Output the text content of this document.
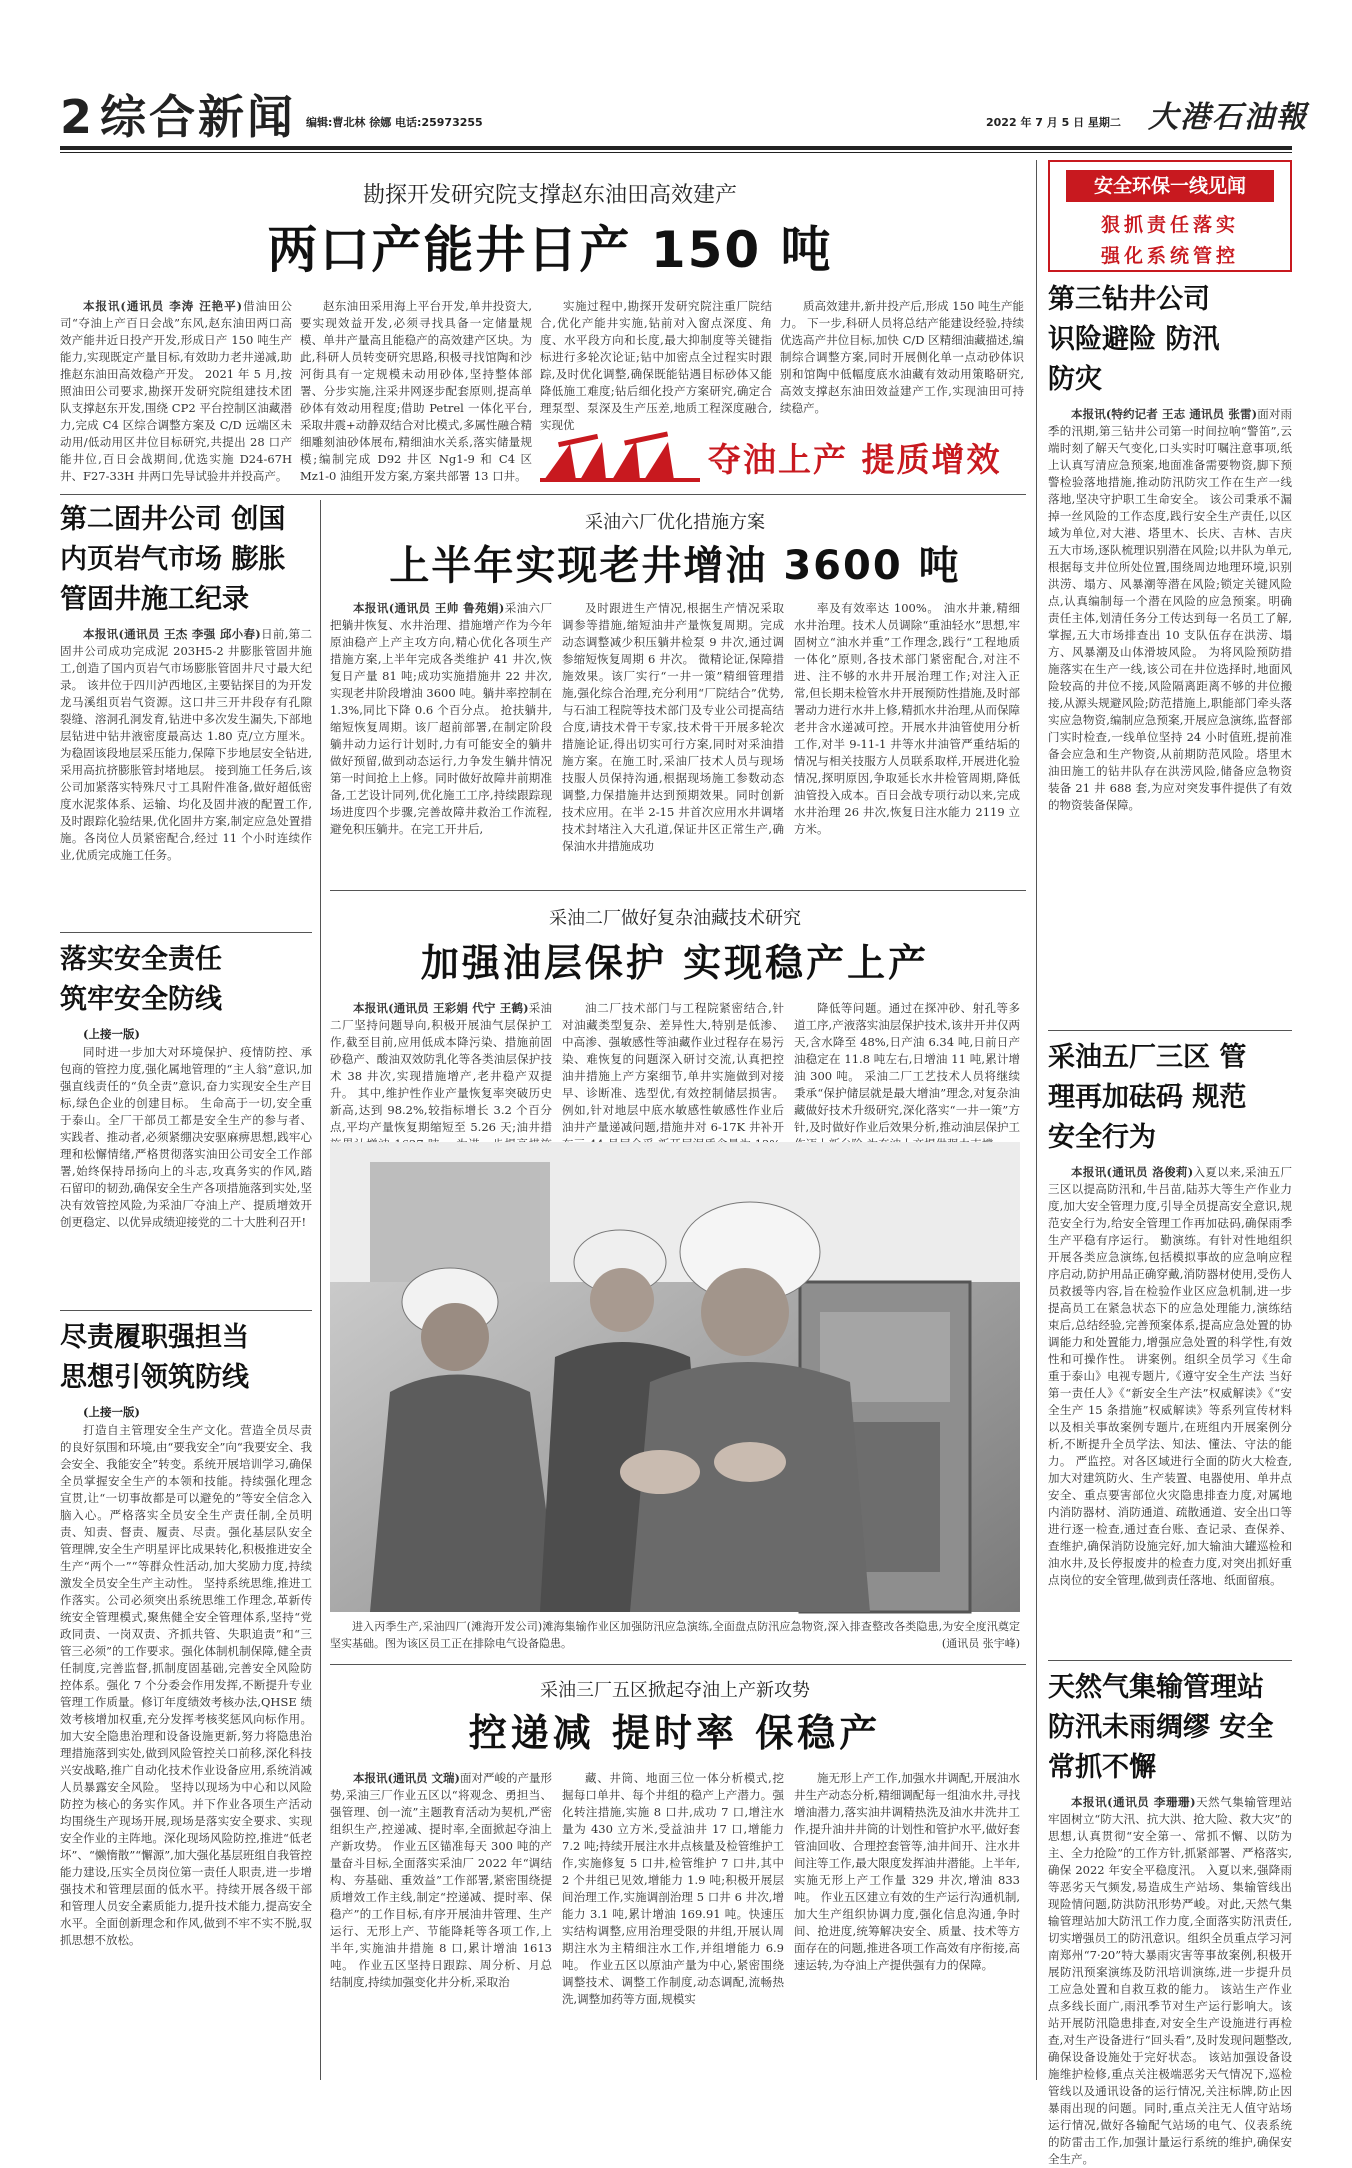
2 综合新闻 编辑:曹北林 徐娜 电话:25973255	2022 年 7 月 5 日 星期二 大港石油報
安全环保一线见闻
狠抓责任落实
强化系统管控
勘探开发研究院支撑赵东油田高效建产
两口产能井日产 150 吨

本报讯(通讯员 李涛 汪艳平)借油田公司“夺油上产百日会战”东风,赵东油田两口高效产能井近日投产开发,形成日产 150 吨生产能力,实现既定产量目标,有效助力老井递减,助推赵东油田高效稳产开发。 2021 年 5 月,按照油田公司要求,勘探开发研究院组建技术团队支撑赵东开发,围绕 CP2 平台控制区油藏潜力,完成 C4 区综合调整方案及 C/D 远端区未动用/低动用区井位目标研究,共提出 28 口产能井位,百日会战期间,优选实施 D24-67H 井、F27-33H 井两口先导试验井并投高产。

赵东油田采用海上平台开发,单井投资大,要实现效益开发,必须寻找具备一定储量规模、单井产量高且能稳产的高效建产区块。为此,科研人员转变研究思路,积极寻找馆陶和沙河街具有一定规模未动用砂体,坚持整体部署、分步实施,注采井网逐步配套原则,提高单砂体有效动用程度;借助 Petrel 一体化平台,采取井震+动静双结合对比模式,多属性融合精细雕刻油砂体展布,精细油水关系,落实储量规模;编制完成 D92 井区 Ng1-9 和 C4 区 Mz1-0 油组开发方案,方案共部署 13 口井。

实施过程中,勘探开发研究院注重厂院结合,优化产能井实施,钻前对入窗点深度、角度、水平段方向和长度,最大抑制度等关键指标进行多轮次论证;钻中加密点全过程实时跟踪,及时优化调整,确保既能钻遇目标砂体又能降低施工难度;钻后细化投产方案研究,确定合理泵型、泵深及生产压差,地质工程深度融合,实现优

质高效建井,新井投产后,形成 150 吨生产能力。 下一步,科研人员将总结产能建设经验,持续优选高产井位目标,加快 C/D 区精细油藏描述,编制综合调整方案,同时开展侧化单一点动砂体识别和馆陶中低幅度底水油藏有效动用策略研究,高效支撑赵东油田效益建产工作,实现油田可持续稳产。

夺油上产 提质增效
第二固井公司 创国内页岩气市场 膨胀管固井施工纪录

本报讯(通讯员 王杰 李强 邱小春)日前,第二固井公司成功完成泥 203H5-2 井膨胀管固井施工,创造了国内页岩气市场膨胀管固井尺寸最大纪录。 该井位于四川泸西地区,主要钻探目的为开发龙马溪组页岩气资源。这口井三开井段存有孔隙裂缝、溶洞孔洞发育,钻进中多次发生漏失,下部地层钻进中钻井液密度最高达 1.80 克/立方厘米。为稳固该段地层采压能力,保障下步地层安全钻进,采用高抗挤膨胀管封堵地层。 接到施工任务后,该公司加紧落实特殊尺寸工具附件准备,做好超低密度水泥浆体系、运输、均化及固井液的配置工作,及时跟踪化验结果,优化固井方案,制定应急处置措施。各岗位人员紧密配合,经过 11 个小时连续作业,优质完成施工任务。

落实安全责任 筑牢安全防线
(上接一版)

同时进一步加大对环境保护、疫情防控、承包商的管控力度,强化属地管理的“主人翁”意识,加强直线责任的“负全责”意识,奋力实现安全生产目标,绿色企业的创建目标。 生命高于一切,安全重于泰山。全厂干部员工都是安全生产的参与者、实践者、推动者,必须紧绷决安驱麻痹思想,践牢心理和松懈情绪,严格贯彻落实油田公司安全工作部署,始终保持昂扬向上的斗志,攻真务实的作风,踏石留印的韧劲,确保安全生产各项措施落到实处,坚决有效管控风险,为采油厂夺油上产、提质增效开创更稳定、以优异成绩迎接党的二十大胜利召开!

尽责履职强担当 思想引领筑防线
(上接一版)

打造自主管理安全生产文化。营造全员尽责的良好氛围和环境,由“要我安全”向“我要安全、我会安全、我能安全”转变。系统开展培训学习,确保全员掌握安全生产的本领和技能。持续强化理念宣贯,让“一切事故都是可以避免的”等安全信念入脑入心。严格落实全员安全生产责任制,全员明责、知责、督责、履责、尽责。强化基层队安全管理牌,安全生产明星评比成果转化,积极推进安全生产“两个一”“等群众性活动,加大奖励力度,持续激发全员安全生产主动性。 坚持系统思维,推进工作落实。公司必须突出系统思维工作理念,革新传统安全管理模式,聚焦健全安全管理体系,坚持“党政同责、一岗双责、齐抓共管、失职追责”和“三管三必须”的工作要求。强化体制机制保障,健全责任制度,完善监督,抓制度固基础,完善安全风险防控体系。强化 7 个分委会作用发挥,不断提升专业管理工作质量。修订年度绩效考核办法,QHSE 绩效考核增加权重,充分发挥考核奖惩风向标作用。加大安全隐患治理和设备设施更新,努力将隐患治理措施落到实处,做到风险管控关口前移,深化科技兴安战略,推广自动化技术作业设备应用,系统消减人员暴露安全风险。 坚持以现场为中心和以风险防控为核心的务实作风。并下作业各项生产活动均围绕生产现场开展,现场是落实安全要求、实现安全作业的主阵地。深化现场风险防控,推进“低老坏”、“懒惰散”“懈源”,加大强化基层班组自我管控能力建设,压实全员岗位第一责任人职责,进一步增强技术和管理层面的低水平。持续开展各级干部和管理人员安全素质能力,提升技术能力,提高安全水平。全面创新理念和作风,做到不牢不实不脱,驭抓思想不放松。

采油六厂优化措施方案
上半年实现老井增油 3600 吨

本报讯(通讯员 王帅 鲁苑娟)采油六厂把躺井恢复、水井治理、措施增产作为今年原油稳产上产主攻方向,精心优化各项生产措施方案,上半年完成各类维护 41 井次,恢复日产量 81 吨;成功实施措施井 22 井次,实现老井阶段增油 3600 吨。躺井率控制在 1.3%,同比下降 0.6 个百分点。 抢扶躺井,缩短恢复周期。该厂超前部署,在制定阶段躺井动力运行计划时,力有可能安全的躺井做好预留,做到动态运行,力争发生躺井情况第一时间抢上上修。同时做好故障井前期准备,工艺设计同列,优化施工工序,持续跟踪现场进度四个步骤,完善故障井救治工作流程,避免积压躺井。在完工开井后,

及时跟进生产情况,根据生产情况采取调参等措施,缩短油井产量恢复周期。完成动态调整减少积压躺井检泵 9 井次,通过调参缩短恢复周期 6 井次。 微精论证,保障措施效果。该厂实行“一井一策”精细管理措施,强化综合治理,充分利用“厂院结合”优势,与石油工程院等技术部门及专业公司提高结合度,请技术骨干专家,技术骨干开展多轮次措施论证,得出切实可行方案,同时对采油措施方案。在施工时,采油厂技术人员与现场技服人员保持沟通,根据现场施工参数动态调整,力保措施井达到预期效果。同时创新技术应用。在半 2-15 井首次应用水井调堵技术封堵注入大孔道,保证井区正常生产,确保油水井措施成功

率及有效率达 100%。 油水井兼,精细水井治理。技术人员调除“重油轻水”思想,牢固树立“油水并重”工作理念,践行“工程地质一体化”原则,各技术部门紧密配合,对注不进、注不够的水井开展治理工作;对注入正常,但长期未检管水井开展预防性措施,及时部署动力进行水井上修,精抓水井治理,从而保障老井含水递减可控。开展水井油管使用分析工作,对半 9-11-1 井等水井油管严重结垢的情况与相关技服方人员联系取样,开展进化验情况,探明原因,争取延长水井检管周期,降低油管投入成本。百日会战专项行动以来,完成水井治理 26 井次,恢复日注水能力 2119 立方米。

采油二厂做好复杂油藏技术研究
加强油层保护 实现稳产上产

本报讯(通讯员 王彩娟 代宁 王鹤)采油二厂坚持问题导向,积极开展油气层保护工作,截至目前,应用低成本降污染、措施前固砂稳产、酸油双效防乳化等各类油层保护技术 38 井次,实现措施增产,老井稳产双提升。 其中,维护性作业产量恢复率突破历史新高,达到 98.2%,较指标增长 3.2 个百分点,平均产量恢复期缩短至 5.26 天;油井措

油二厂技术部门与工程院紧密结合,针对油藏类型复杂、差异性大,特别是低渗、中高渗、强敏感性等油藏作业过程存在易污染、难恢复的问题深入研讨交流,认真把控油井措施上产方案细节,单井实施做到对接早、诊断准、选型优,有效控制储层损害。 例如,针对地层中底水敏感性敏感性作业后油井产量递减问题,措施井对 6-17K 井补开

降低等问题。通过在探冲砂、射孔等多道工序,产液落实油层保护技术,该井开井仅两天,含水降至 48%,日产油 6.34 吨,日前日产油稳定在 11.8 吨左右,日增油 11 吨,累计增油 300 吨。 采油二厂工艺技术人员将继续秉承“保护储层就是最大增油”理念,对复杂油藏做好技术升级研究,深化落实“一井一策”方针,及时做好作业后效果分析,推动油层保护工

进入丙季生产,采油四厂(滩海开发公司)滩海集输作业区加强防汛应急演练,全面盘点防汛应急物资,深入排查整改各类隐患,为安全度汛奠定坚实基础。图为该区员工正在排除电气设备隐患。	(通讯员 张宇峰)

采油三厂五区掀起夺油上产新攻势
控递减 提时率 保稳产

本报讯(通讯员 文瑞)面对严峻的产量形势,采油三厂作业五区以“将观念、勇担当、强管理、创一流”主题教育活动为契机,严密组织生产,控递减、提时率,全面掀起夺油上产新攻势。 作业五区锚准每天 300 吨的产量奋斗目标,全面落实采油厂 2022 年“调结构、夯基础、重效益”工作部署,紧密围绕提质增效工作主线,制定“控递减、提时率、保稳产”的工作目标,有序开展油井管理、生产运行、无形上产、节能降耗等各项工作,上半年,实施油井措施 8 口,累计增油 1613 吨。 作业五区坚持日跟踪、周分析、月总结制度,持续加强变化井分析,采取治

藏、井筒、地面三位一体分析模式,挖掘每口单井、每个井组的稳产上产潜力。强化转注措施,实施 8 口井,成功 7 口,增注水量为 430 立方米,受益油井 17 口,增能力 7.2 吨;持续开展注水井点核量及检管维护工作,实施修复 5 口井,检管维护 7 口井,其中 2 个井组已见效,增能力 1.9 吨;积极开展层间治理工作,实施调剖治理 5 口井 6 井次,增能力 3.1 吨,累计增油 169.91 吨。快速压实结构调整,应用治理受限的井组,开展认周期注水为主精细注水工作,并组增能力 6.9 吨。 作业五区以原油产量为中心,紧密围绕调整技术、调整工作制度,动态调配,流畅热洗,调整加药等方面,规模实

施无形上产工作,加强水井调配,开展油水井生产动态分析,精细调配每一组油水井,寻找增油潜力,落实油井调精热洗及油水井洗井工作,提升油井井筒的计划性和管护水平,做好套管油回收、合理控套管等,油井间开、注水井间注等工作,最大限度发挥油井潜能。上半年,实施无形上产工作量 329 井次,增油 833 吨。 作业五区建立有效的生产运行沟通机制,加大生产组织协调力度,强化信息沟通,争时间、抢进度,统筹解决安全、质量、技术等方面存在的问题,推进各项工作高效有序衔接,高速运转,为夺油上产提供强有力的保障。

第三钻井公司 识险避险 防汛防灾

本报讯(特约记者 王志 通讯员 张雷)面对雨季的汛期,第三钻井公司第一时间拉响“警笛”,云端时刻了解天气变化,口头实时叮嘱注意事项,纸上认真写清应急预案,地面准备需要物资,脚下预警检验落地措施,推动防汛防灾工作在生产一线落地,坚决守护职工生命安全。 该公司秉承不漏掉一丝风险的工作态度,践行安全生产责任,以区域为单位,对大港、塔里木、长庆、吉林、吉庆五大市场,逐队梳理识别潜在风险;以井队为单元,根据每支井位所处位置,围绕周边地理环境,识别洪涝、塌方、风暴潮等潜在风险;锁定关键风险点,认真编制每一个潜在风险的应急预案。明确责任主体,划清任务分工传达到每一名员工了解,掌握,五大市场排查出 10 支队伍存在洪涝、塌方、风暴潮及山体滑坡风险。 为将风险预防措施落实在生产一线,该公司在井位选择时,地面风险较高的井位不接,风险隔离距离不够的井位搬接,从源头规避风险;防范措施上,职能部门牵头落实应急物资,编制应急预案,开展应急演练,监督部门实时检查,一线单位坚持 24 小时值班,提前准备会应急和生产物资,从前期防范风险。塔里木油田施工的钻井队存在洪涝风险,储备应急物资装备 21 井 688 套,为应对突发事件提供了有效的物资装备保障。

采油五厂三区 管理再加砝码 规范安全行为

本报讯(通讯员 洛俊莉)入夏以来,采油五厂三区以提高防汛和,牛吕苗,陆苏大等生产作业力度,加大安全管理力度,引导全员提高安全意识,规范安全行为,给安全管理工作再加砝码,确保雨季生产平稳有序运行。 勤演练。有针对性地组织开展各类应急演练,包括模拟事故的应急响应程序启动,防护用品正确穿戴,消防器材使用,受伤人员救援等内容,旨在检验作业区应急机制,进一步提高员工在紧急状态下的应急处理能力,演练结束后,总结经验,完善预案体系,提高应急处置的协调能力和处置能力,增强应急处置的科学性,有效性和可操作性。 讲案例。组织全员学习《生命重于泰山》电视专题片,《遵守安全生产法 当好第一责任人》《“新安全生产法”权威解读》《“安全生产 15 条措施”权威解读》等系列宣传材料以及相关事故案例专题片,在班组内开展案例分析,不断提升全员学法、知法、懂法、守法的能力。 严监控。对各区域进行全面的防火大检查,加大对建筑防火、生产装置、电器使用、单井点安全、重点要害部位火灾隐患排查力度,对属地内消防器材、消防通道、疏散通道、安全出口等进行逐一检查,通过查台账、查记录、查保养、查维护,确保消防设施完好,加大输油大罐巡检和油水井,及长停报废井的检查力度,对突出抓好重点岗位的安全管理,做到责任落地、纸面留痕。

天然气集输管理站 防汛未雨绸缪 安全常抓不懈

本报讯(通讯员 李珊珊)天然气集输管理站牢固树立“防大汛、抗大洪、抢大险、救大灾”的思想,认真贯彻“安全第一、常抓不懈、以防为主、全力抢险”的工作方针,抓紧部署、严格落实,确保 2022 年安全平稳度汛。 入夏以来,强降雨等恶劣天气频发,易造成生产站场、集输管线出现险情问题,防洪防汛形势严峻。对此,天然气集输管理站加大防汛工作力度,全面落实防汛责任,切实增强员工的防汛意识。组织全员重点学习河南郑州“7·20”特大暴雨灾害等事故案例,积极开展防汛预案演练及防汛培训演练,进一步提升员工应急处置和自救互救的能力。 该站生产作业点多线长面广,雨汛季节对生产运行影响大。该站开展防汛隐患排查,对安全生产设施进行再检查,对生产设备进行“回头看”,及时发现问题整改,确保设备设施处于完好状态。 该站加强设备设施维护检修,重点关注极端恶劣天气情况下,巡检管线以及通讯设备的运行情况,关注标牌,防止因暴雨出现的问题。同时,重点关注无人值守站场运行情况,做好各输配气站场的电气、仪表系统的防雷击工作,加强计量运行系统的维护,确保安全生产。
